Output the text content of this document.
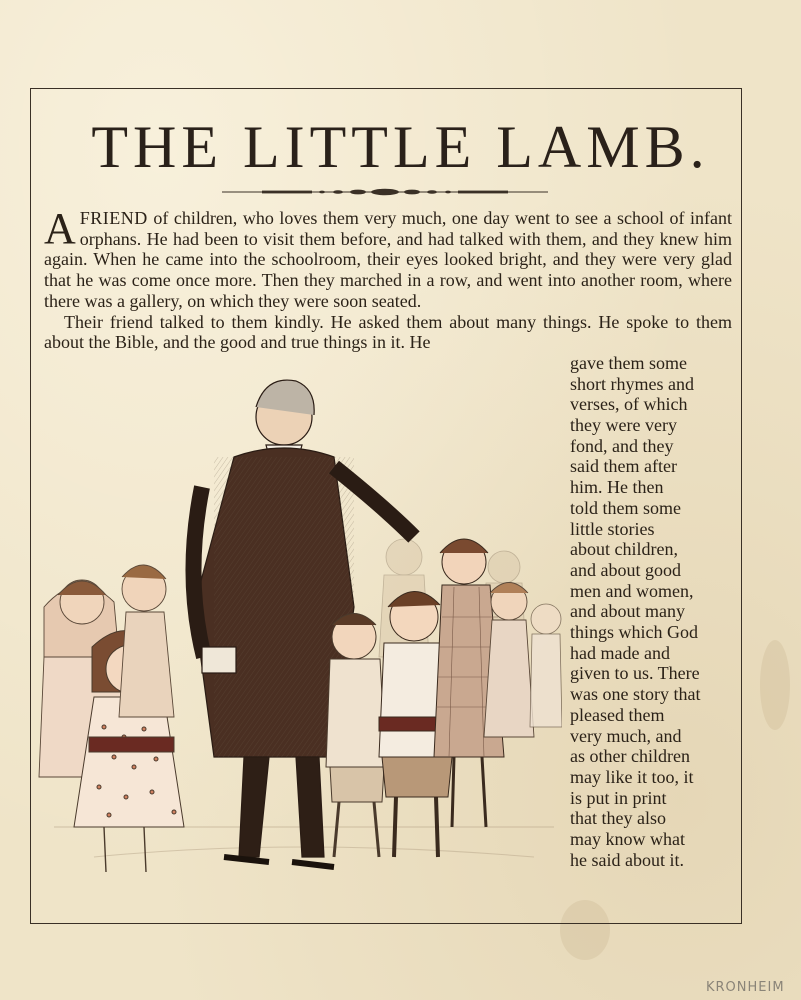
THE LITTLE LAMB.

AFRIEND of children, who loves them very much, one day went to see a school of infant orphans. He had been to visit them before, and had talked with them, and they knew him again. When he came into the schoolroom, their eyes looked bright, and they were very glad that he was come once more. Then they marched in a row, and went into another room, where there was a gallery, on which they were soon seated.

Their friend talked to them kindly. He asked them about many things. He spoke to them about the Bible, and the good and true things in it. He

gave them some
short rhymes and
verses, of which
they were very
fond, and they
said them after
him. He then
told them some
little stories
about children,
and about good
men and women,
and about many
things which God
had made and
given to us. There
was one story that
pleased them
very much, and
as other children
may like it too, it
is put in print
that they also
may know what
he said about it.
KRONHEIM
